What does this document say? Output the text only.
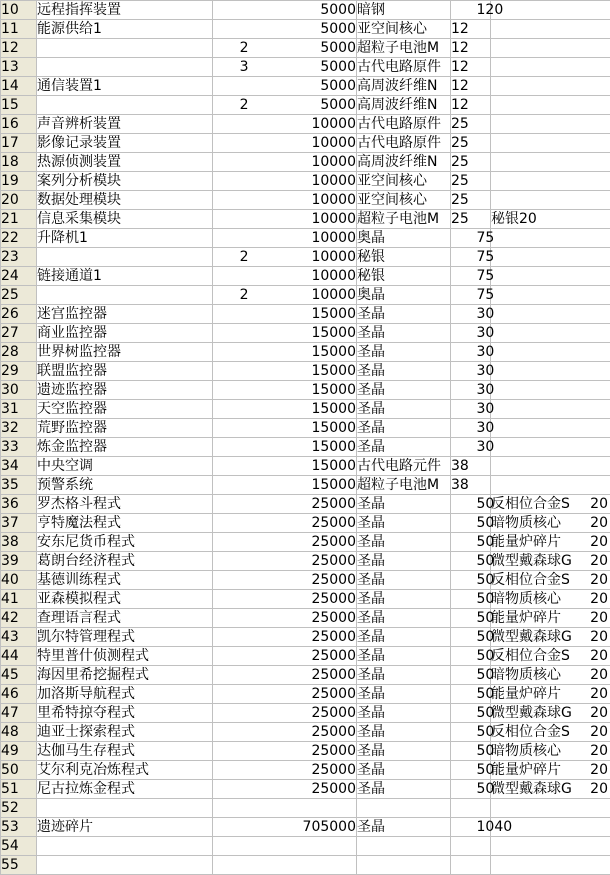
10	远程指挥装置		5000	暗钢		120		
11	能源供给1		5000	亚空间核心	12			
12		2	5000	超粒子电池M	12			
13		3	5000	古代电路原件	12			
14	通信装置1		5000	高周波纤维N	12			
15		2	5000	高周波纤维N	12			
16	声音辨析装置		10000	古代电路原件	25			
17	影像记录装置		10000	古代电路原件	25			
18	热源侦测装置		10000	高周波纤维N	25			
19	案列分析模块		10000	亚空间核心	25			
20	数据处理模块		10000	亚空间核心	25			
21	信息采集模块		10000	超粒子电池M	25		秘银20	
22	升降机1		10000	奥晶		75		
23		2	10000	秘银		75		
24	链接通道1		10000	秘银		75		
25		2	10000	奥晶		75		
26	迷宫监控器		15000	圣晶		30		
27	商业监控器		15000	圣晶		30		
28	世界树监控器		15000	圣晶		30		
29	联盟监控器		15000	圣晶		30		
30	遗迹监控器		15000	圣晶		30		
31	天空监控器		15000	圣晶		30		
32	荒野监控器		15000	圣晶		30		
33	炼金监控器		15000	圣晶		30		
34	中央空调		15000	古代电路元件	38			
35	预警系统		15000	超粒子电池M	38			
36	罗杰格斗程式		25000	圣晶		50	反相位合金S	20
37	亨特魔法程式		25000	圣晶		50	暗物质核心	20
38	安东尼货币程式		25000	圣晶		50	能量炉碎片	20
39	葛朗台经济程式		25000	圣晶		50	微型戴森球G	20
40	基德训练程式		25000	圣晶		50	反相位合金S	20
41	亚森模拟程式		25000	圣晶		50	暗物质核心	20
42	查理语言程式		25000	圣晶		50	能量炉碎片	20
43	凯尔特管理程式		25000	圣晶		50	微型戴森球G	20
44	特里普什侦测程式		25000	圣晶		50	反相位合金S	20
45	海因里希挖掘程式		25000	圣晶		50	暗物质核心	20
46	加洛斯导航程式		25000	圣晶		50	能量炉碎片	20
47	里希特掠夺程式		25000	圣晶		50	微型戴森球G	20
48	迪亚士探索程式		25000	圣晶		50	反相位合金S	20
49	达伽马生存程式		25000	圣晶		50	暗物质核心	20
50	艾尔利克冶炼程式		25000	圣晶		50	能量炉碎片	20
51	尼古拉炼金程式		25000	圣晶		50	微型戴森球G	20
52								
53	遗迹碎片		705000	圣晶		1040		
54								
55								
